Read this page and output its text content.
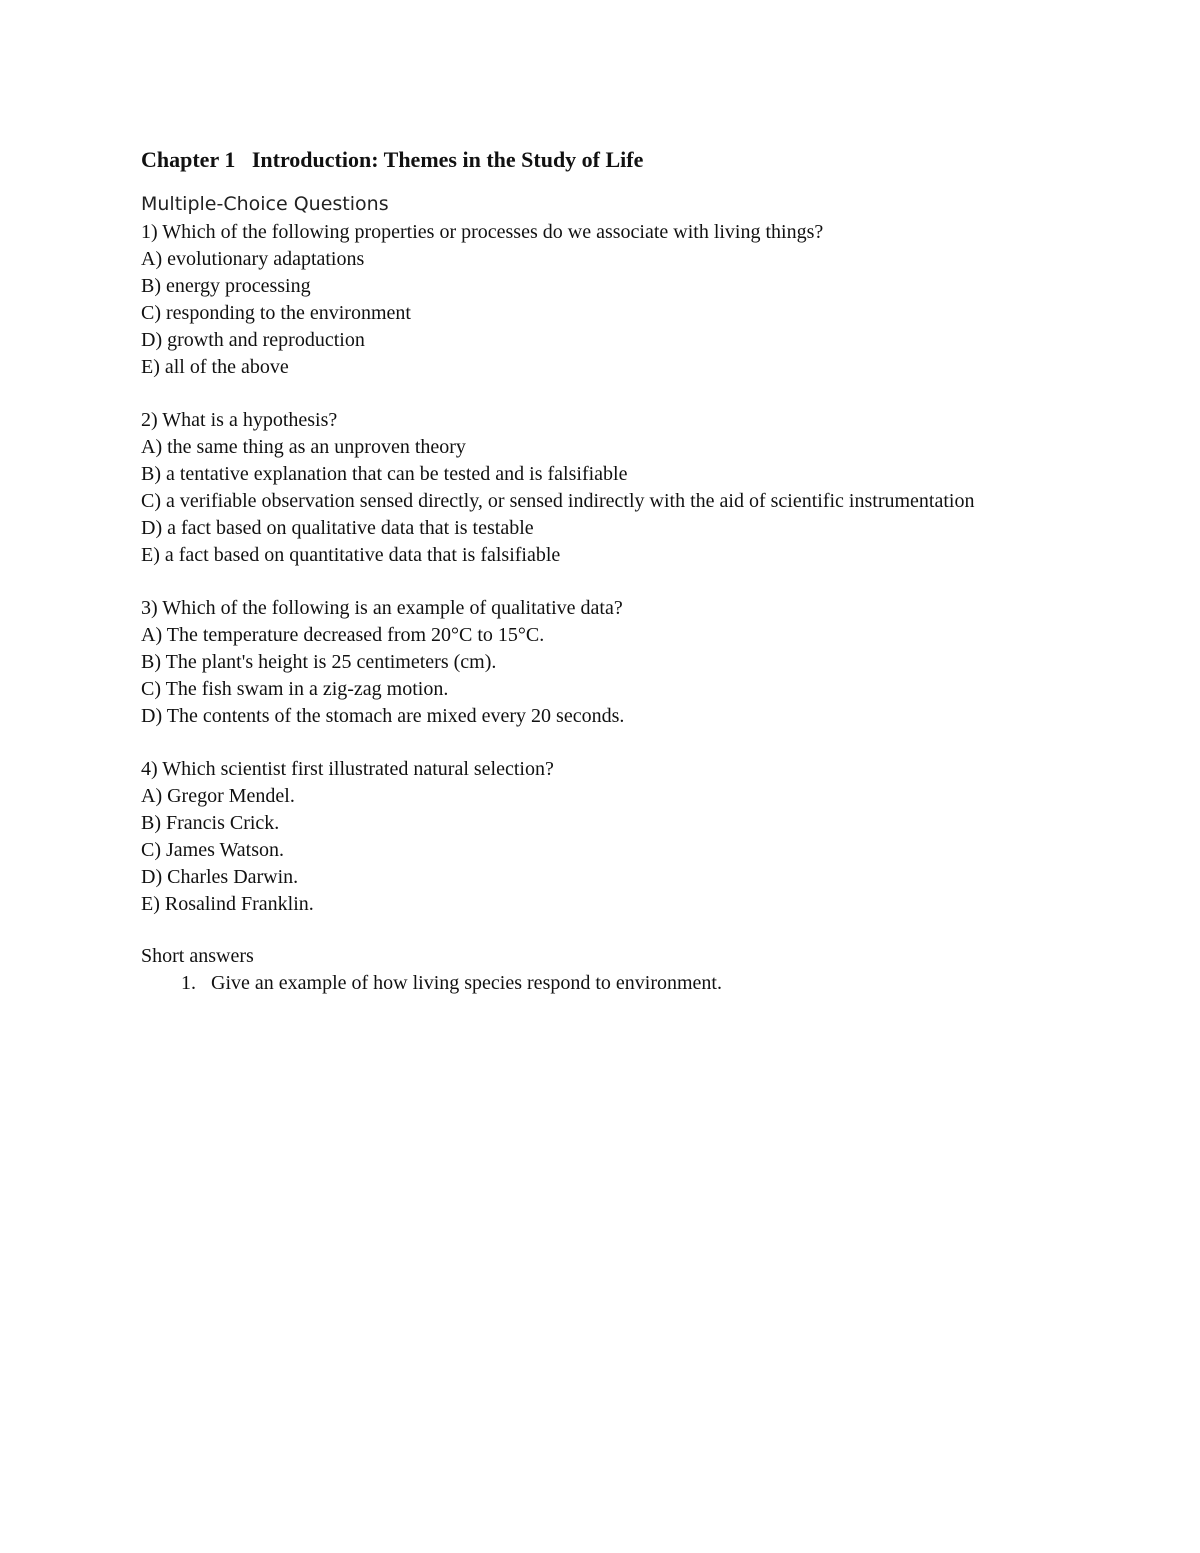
Chapter 1   Introduction: Themes in the Study of Life
Multiple-Choice Questions
1) Which of the following properties or processes do we associate with living things?
A) evolutionary adaptations
B) energy processing
C) responding to the environment
D) growth and reproduction
E) all of the above
2) What is a hypothesis?
A) the same thing as an unproven theory
B) a tentative explanation that can be tested and is falsifiable
C) a verifiable observation sensed directly, or sensed indirectly with the aid of scientific instrumentation
D) a fact based on qualitative data that is testable
E) a fact based on quantitative data that is falsifiable
3) Which of the following is an example of qualitative data?
A) The temperature decreased from 20°C to 15°C.
B) The plant's height is 25 centimeters (cm).
C) The fish swam in a zig-zag motion.
D) The contents of the stomach are mixed every 20 seconds.
4) Which scientist first illustrated natural selection?
A) Gregor Mendel.
B) Francis Crick.
C) James Watson.
D) Charles Darwin.
E) Rosalind Franklin.
Short answers
1. Give an example of how living species respond to environment.
